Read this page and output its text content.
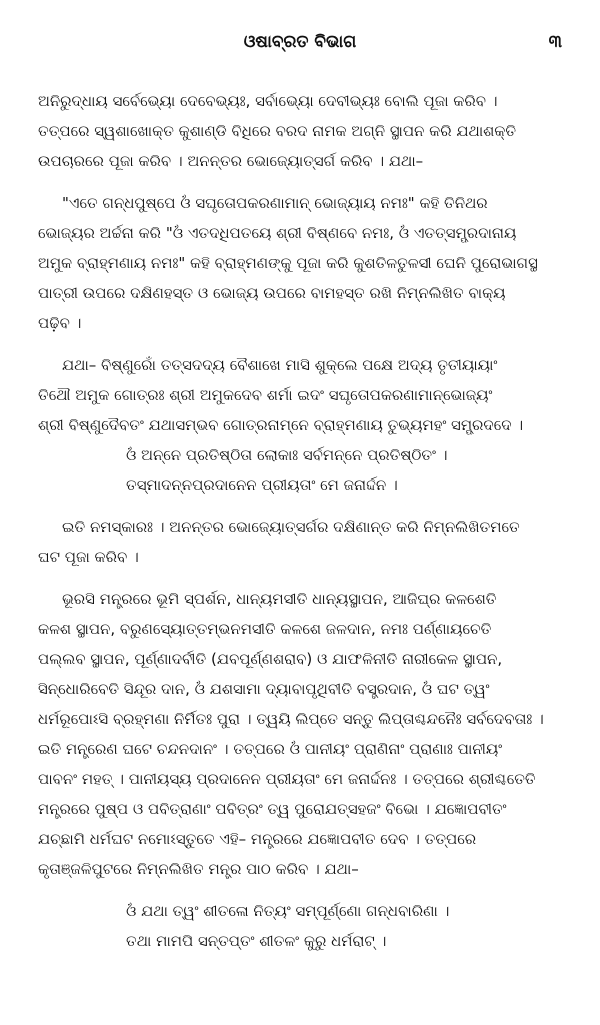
ଓଷାବ୍ରତ ବିଭାଗ	୩
ଅନିରୁଦ୍ଧାୟ ସର୍ବେଭ୍ୟୋ ଦେବେଭ୍ୟଃ, ସର୍ବାଭ୍ୟୋ ଦେବୀଭ୍ୟଃ ବୋଲି ପୂଜା କରିବ ।
ତତ୍ପରେ ସ୍ୱଶାଖୋକ୍ତ କୁଶାଣ୍ଡି ବିଧିରେ ବରଦ ନାମକ ଅଗ୍ନି ସ୍ଥାପନ କରି ଯଥାଶକ୍ତି
ଉପଚାରରେ ପୂଜା କରିବ । ଅନନ୍ତର ଭୋଜ୍ୟୋତ୍ସର୍ଗ କରିବ । ଯଥା–
"ଏତେ ଗନ୍ଧପୁଷ୍ପେ ଓଁ ସଘୃତୋପକରଣାମାନ୍ ଭୋଜ୍ୟାୟ ନମଃ" କହି ତିନିଥର
ଭୋଜ୍ୟର ଅର୍ଚ୍ଚନା କରି "ଓଁ ଏତଦଧିପତୟେ ଶ୍ରୀ ବିଷ୍ଣବେ ନମଃ, ଓଁ ଏତତ୍ସମ୍ପ୍ରଦାନାୟ
ଅମୁକ ବ୍ରାହ୍ମଣାୟ ନମଃ" କହି ବ୍ରାହ୍ମଣଙ୍କୁ ପୂଜା କରି କୁଶତିଳତୁଳସୀ ଘେନି ପୁରୋଭାଗସ୍ଥ
ପାତ୍ରୀ ଉପରେ ଦକ୍ଷିଣହସ୍ତ ଓ ଭୋଜ୍ୟ ଉପରେ ବାମହସ୍ତ ରଖି ନିମ୍ନଲିଖିତ ବାକ୍ୟ
ପଢ଼ିବ ।
ଯଥା– ବିଷ୍ଣୁରୋଁ ତତ୍ସଦଦ୍ୟ ବୈଶାଖେ ମାସି ଶୁକ୍ଲେ ପକ୍ଷେ ଅଦ୍ୟ ତୃତୀୟାୟାଂ
ତିଥୌ ଅମୁକ ଗୋତ୍ରଃ ଶ୍ରୀ ଅମୁକଦେବ ଶର୍ମା ଇଦଂ ସଘୃତୋପକରଣାମାନ୍ଭୋଜ୍ୟଂ
ଶ୍ରୀ ବିଷ୍ଣୁଦୈବତଂ ଯଥାସମ୍ଭବ ଗୋତ୍ରନାମ୍ନେ ବ୍ରାହ୍ମଣାୟ ତୁଭ୍ୟମହଂ ସମ୍ପ୍ରଦଦେ ।
ଓଁ ଅନ୍ନେ ପ୍ରତିଷ୍ଠିତା ଲୋକାଃ ସର୍ବମନ୍ନେ ପ୍ରତିଷ୍ଠିତଂ ।
ତସ୍ମାଦନ୍ନପ୍ରଦାନେନ ପ୍ରୀୟତାଂ ମେ ଜନାର୍ଦ୍ଦନ ।
ଇତି ନମସ୍କାରଃ । ଅନନ୍ତର ଭୋଜ୍ୟୋତ୍ସର୍ଗର ଦକ୍ଷିଣାନ୍ତ କରି ନିମ୍ନଲିଖିତମତେ
ଘଟ ପୂଜା କରିବ ।
ଭୂରସି ମନ୍ତ୍ରରେ ଭୂମି ସ୍ପର୍ଶନ, ଧାନ୍ୟମସୀତି ଧାନ୍ୟସ୍ଥାପନ, ଆଜିଘ୍ର କଳଶେତି
କଳଶ ସ୍ଥାପନ, ବରୁଣସ୍ୟୋତ୍ତମ୍ଭନମସୀତି କଳଶେ ଜଳଦାନ, ନମଃ ପର୍ଣ୍ଣାୟଚେତି
ପଲ୍ଲବ ସ୍ଥାପନ, ପୂର୍ଣ୍ଣାଦର୍ବୀତି (ଯବପୂର୍ଣ୍ଣଶରାବ) ଓ ଯାଫଳିନୀତି ନାରୀକେଳ ସ୍ଥାପନ,
ସିନ୍ଧୋରିବେତି ସିନ୍ଦୂର ଦାନ, ଓଁ ଯଶସାମା ଦ୍ୟାବାପୃଥିବୀତି ବସ୍ତ୍ରଦାନ, ଓଁ ଘଟ ତ୍ୱଂ
ଧର୍ମରୂପୋଽସି ବ୍ରହ୍ମଣା ନିର୍ମିତଃ ପୁରା । ତ୍ୱୟି ଲିପ୍ତେ ସନ୍ତୁ ଲିପ୍ତାଶ୍ଚନ୍ଦନୈଃ ସର୍ବଦେବତାଃ ।
ଇତି ମନ୍ତ୍ରେଣ ଘଟେ ଚନ୍ଦନଦାନଂ । ତତ୍ପରେ ଓଁ ପାନୀୟଂ ପ୍ରାଣିନାଂ ପ୍ରାଣାଃ ପାନୀୟଂ
ପାବନଂ ମହତ୍ । ପାନୀୟସ୍ୟ ପ୍ରଦାନେନ ପ୍ରୀୟତାଂ ମେ ଜନାର୍ଦ୍ଦନଃ । ତତ୍ପରେ ଶ୍ରୀଶ୍ଚତେତି
ମନ୍ତ୍ରରେ ପୁଷ୍ପ ଓ ପବିତ୍ରାଣାଂ ପବିତ୍ରଂ ତ୍ୱ ପୁରୋଯତ୍ସହଜଂ ବିଭୋ । ଯଜ୍ଞୋପବୀତଂ
ଯଚ୍ଛାମି ଧର୍ମଘଟ ନମୋଽସ୍ତୁତେ ଏହି– ମନ୍ତ୍ରରେ ଯଜ୍ଞୋପବୀତ ଦେବ । ତତ୍ପରେ
କୃତାଞ୍ଜଳିପୁଟରେ ନିମ୍ନଲିଖିତ ମନ୍ତ୍ର ପାଠ କରିବ । ଯଥା–
ଓଁ ଯଥା ତ୍ୱଂ ଶୀତଳୋ ନିତ୍ୟଂ ସମ୍ପୂର୍ଣ୍ଣୋ ଗନ୍ଧବାରିଣା ।
ତଥା ମାମପି ସନ୍ତପ୍ତଂ ଶୀତଳଂ କୁରୁ ଧର୍ମରାଟ୍ ।
